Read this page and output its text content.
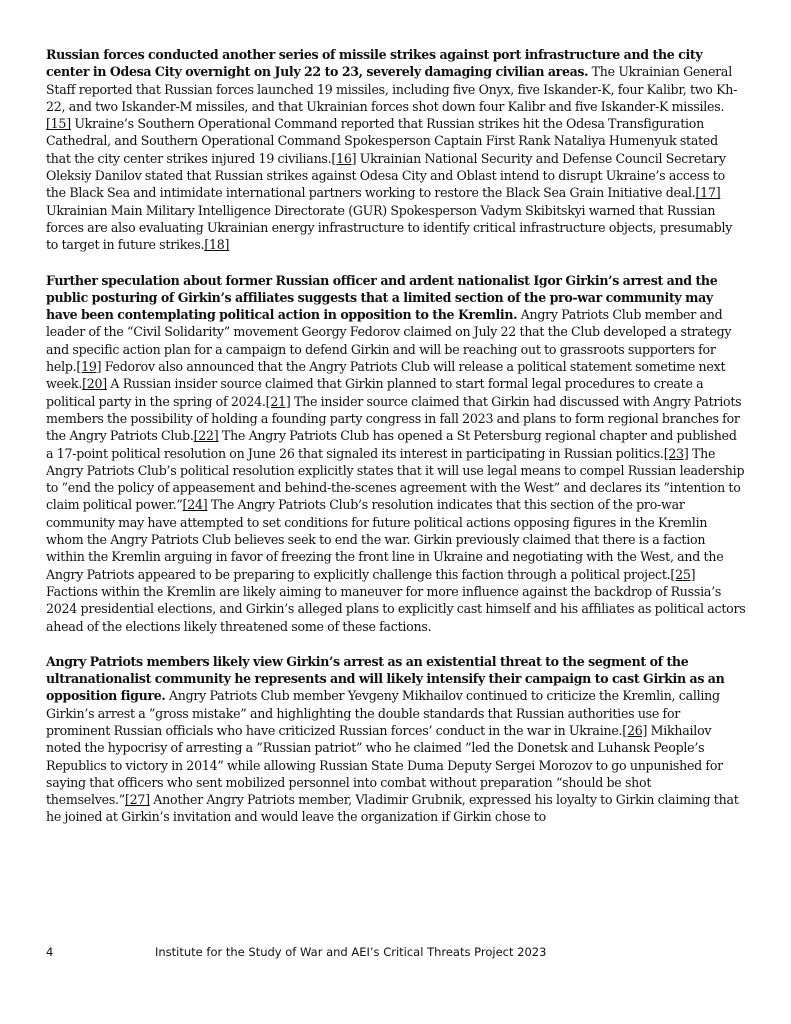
Russian forces conducted another series of missile strikes against port infrastructure and the city center in Odesa City overnight on July 22 to 23, severely damaging civilian areas. The Ukrainian General Staff reported that Russian forces launched 19 missiles, including five Onyx, five Iskander-K, four Kalibr, two Kh-22, and two Iskander-M missiles, and that Ukrainian forces shot down four Kalibr and five Iskander-K missiles.[15] Ukraine’s Southern Operational Command reported that Russian strikes hit the Odesa Transfiguration Cathedral, and Southern Operational Command Spokesperson Captain First Rank Nataliya Humenyuk stated that the city center strikes injured 19 civilians.[16] Ukrainian National Security and Defense Council Secretary Oleksiy Danilov stated that Russian strikes against Odesa City and Oblast intend to disrupt Ukraine’s access to the Black Sea and intimidate international partners working to restore the Black Sea Grain Initiative deal.[17] Ukrainian Main Military Intelligence Directorate (GUR) Spokesperson Vadym Skibitskyi warned that Russian forces are also evaluating Ukrainian energy infrastructure to identify critical infrastructure objects, presumably to target in future strikes.[18]

Further speculation about former Russian officer and ardent nationalist Igor Girkin’s arrest and the public posturing of Girkin’s affiliates suggests that a limited section of the pro-war community may have been contemplating political action in opposition to the Kremlin. Angry Patriots Club member and leader of the “Civil Solidarity” movement Georgy Fedorov claimed on July 22 that the Club developed a strategy and specific action plan for a campaign to defend Girkin and will be reaching out to grassroots supporters for help.[19] Fedorov also announced that the Angry Patriots Club will release a political statement sometime next week.[20] A Russian insider source claimed that Girkin planned to start formal legal procedures to create a political party in the spring of 2024.[21] The insider source claimed that Girkin had discussed with Angry Patriots members the possibility of holding a founding party congress in fall 2023 and plans to form regional branches for the Angry Patriots Club.[22] The Angry Patriots Club has opened a St Petersburg regional chapter and published a 17-point political resolution on June 26 that signaled its interest in participating in Russian politics.[23] The Angry Patriots Club’s political resolution explicitly states that it will use legal means to compel Russian leadership to ”end the policy of appeasement and behind-the-scenes agreement with the West” and declares its ”intention to claim political power.”[24] The Angry Patriots Club’s resolution indicates that this section of the pro-war community may have attempted to set conditions for future political actions opposing figures in the Kremlin whom the Angry Patriots Club believes seek to end the war. Girkin previously claimed that there is a faction within the Kremlin arguing in favor of freezing the front line in Ukraine and negotiating with the West, and the Angry Patriots appeared to be preparing to explicitly challenge this faction through a political project.[25] Factions within the Kremlin are likely aiming to maneuver for more influence against the backdrop of Russia’s 2024 presidential elections, and Girkin’s alleged plans to explicitly cast himself and his affiliates as political actors ahead of the elections likely threatened some of these factions.

Angry Patriots members likely view Girkin’s arrest as an existential threat to the segment of the ultranationalist community he represents and will likely intensify their campaign to cast Girkin as an opposition figure. Angry Patriots Club member Yevgeny Mikhailov continued to criticize the Kremlin, calling Girkin’s arrest a ”gross mistake” and highlighting the double standards that Russian authorities use for prominent Russian officials who have criticized Russian forces’ conduct in the war in Ukraine.[26] Mikhailov noted the hypocrisy of arresting a ”Russian patriot” who he claimed ”led the Donetsk and Luhansk People’s Republics to victory in 2014” while allowing Russian State Duma Deputy Sergei Morozov to go unpunished for saying that officers who sent mobilized personnel into combat without preparation “should be shot themselves.”[27] Another Angry Patriots member, Vladimir Grubnik, expressed his loyalty to Girkin claiming that he joined at Girkin’s invitation and would leave the organization if Girkin chose to

4	Institute for the Study of War and AEI’s Critical Threats Project 2023
